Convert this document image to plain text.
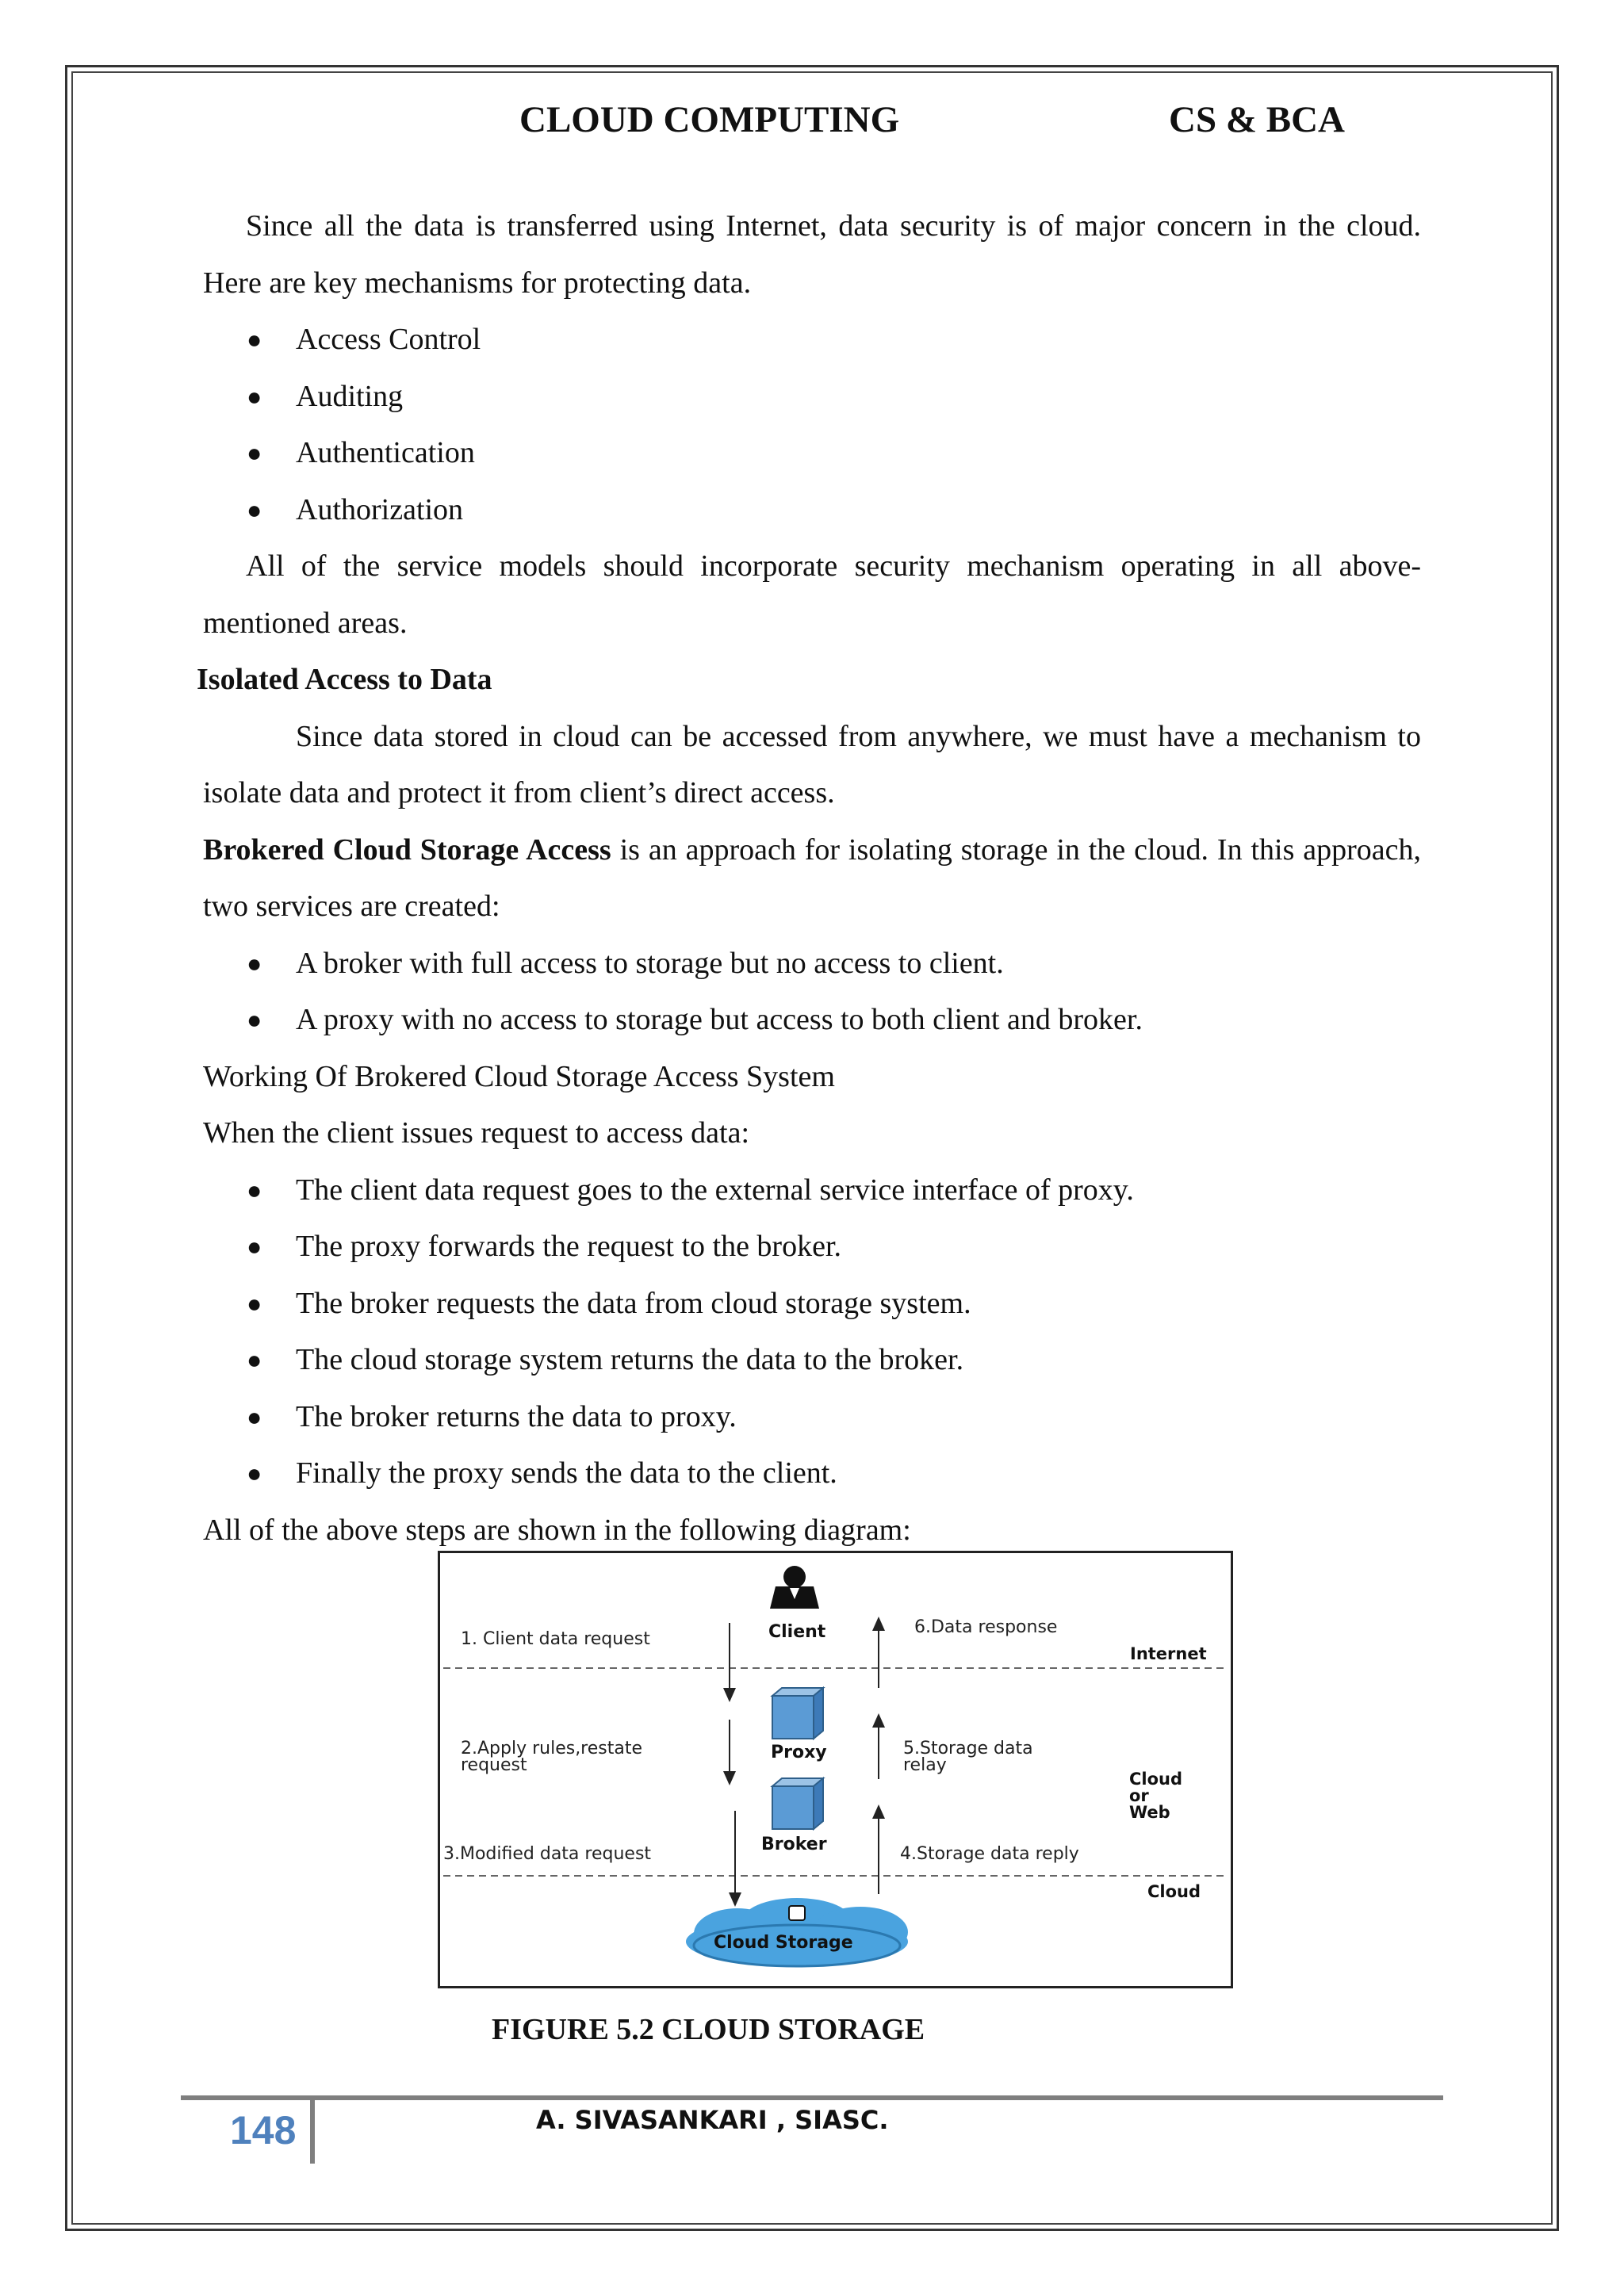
CLOUD COMPUTING	CS & BCA

Since all the data is transferred using Internet, data security is of major concern in the cloud. Here are key mechanisms for protecting data.

● Access Control
● Auditing
● Authentication
● Authorization

All of the service models should incorporate security mechanism operating in all above-mentioned areas.

Isolated Access to Data

Since data stored in cloud can be accessed from anywhere, we must have a mechanism to isolate data and protect it from client’s direct access.

Brokered Cloud Storage Access is an approach for isolating storage in the cloud. In this approach, two services are created:

● A broker with full access to storage but no access to client.
● A proxy with no access to storage but access to both client and broker.

Working Of Brokered Cloud Storage Access System

When the client issues request to access data:

● The client data request goes to the external service interface of proxy.
● The proxy forwards the request to the broker.
● The broker requests the data from cloud storage system.
● The cloud storage system returns the data to the broker.
● The broker returns the data to proxy.
● Finally the proxy sends the data to the client.

All of the above steps are shown in the following diagram:

Client
Proxy
Broker
Cloud Storage
1. Client data request
2.Apply rules,restate
request
3.Modified data request	4.Storage data reply
5.Storage data
relay
6.Data response
Internet
Cloud
or
Web
Cloud
FIGURE 5.2 CLOUD STORAGE
148	A. SIVASANKARI , SIASC.
